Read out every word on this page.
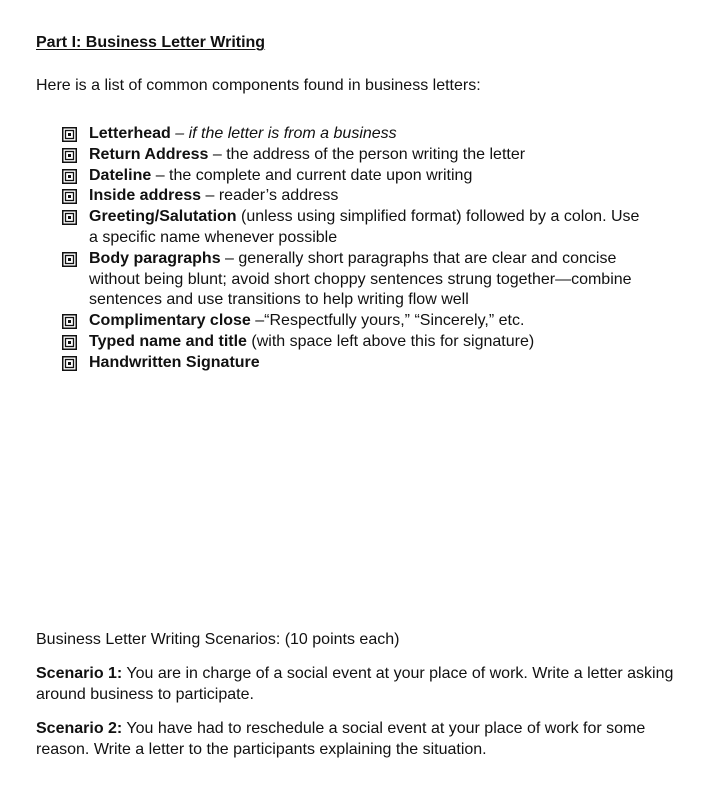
Part I: Business Letter Writing
Here is a list of common components found in business letters:
Letterhead – if the letter is from a business
Return Address – the address of the person writing the letter
Dateline – the complete and current date upon writing
Inside address – reader’s address
Greeting/Salutation (unless using simplified format) followed by a colon. Use a specific name whenever possible
Body paragraphs – generally short paragraphs that are clear and concise without being blunt; avoid short choppy sentences strung together—combine sentences and use transitions to help writing flow well
Complimentary close –“Respectfully yours,” “Sincerely,” etc.
Typed name and title (with space left above this for signature)
Handwritten Signature
Business Letter Writing Scenarios: (10 points each)
Scenario 1: You are in charge of a social event at your place of work. Write a letter asking around business to participate.
Scenario 2: You have had to reschedule a social event at your place of work for some reason. Write a letter to the participants explaining the situation.
